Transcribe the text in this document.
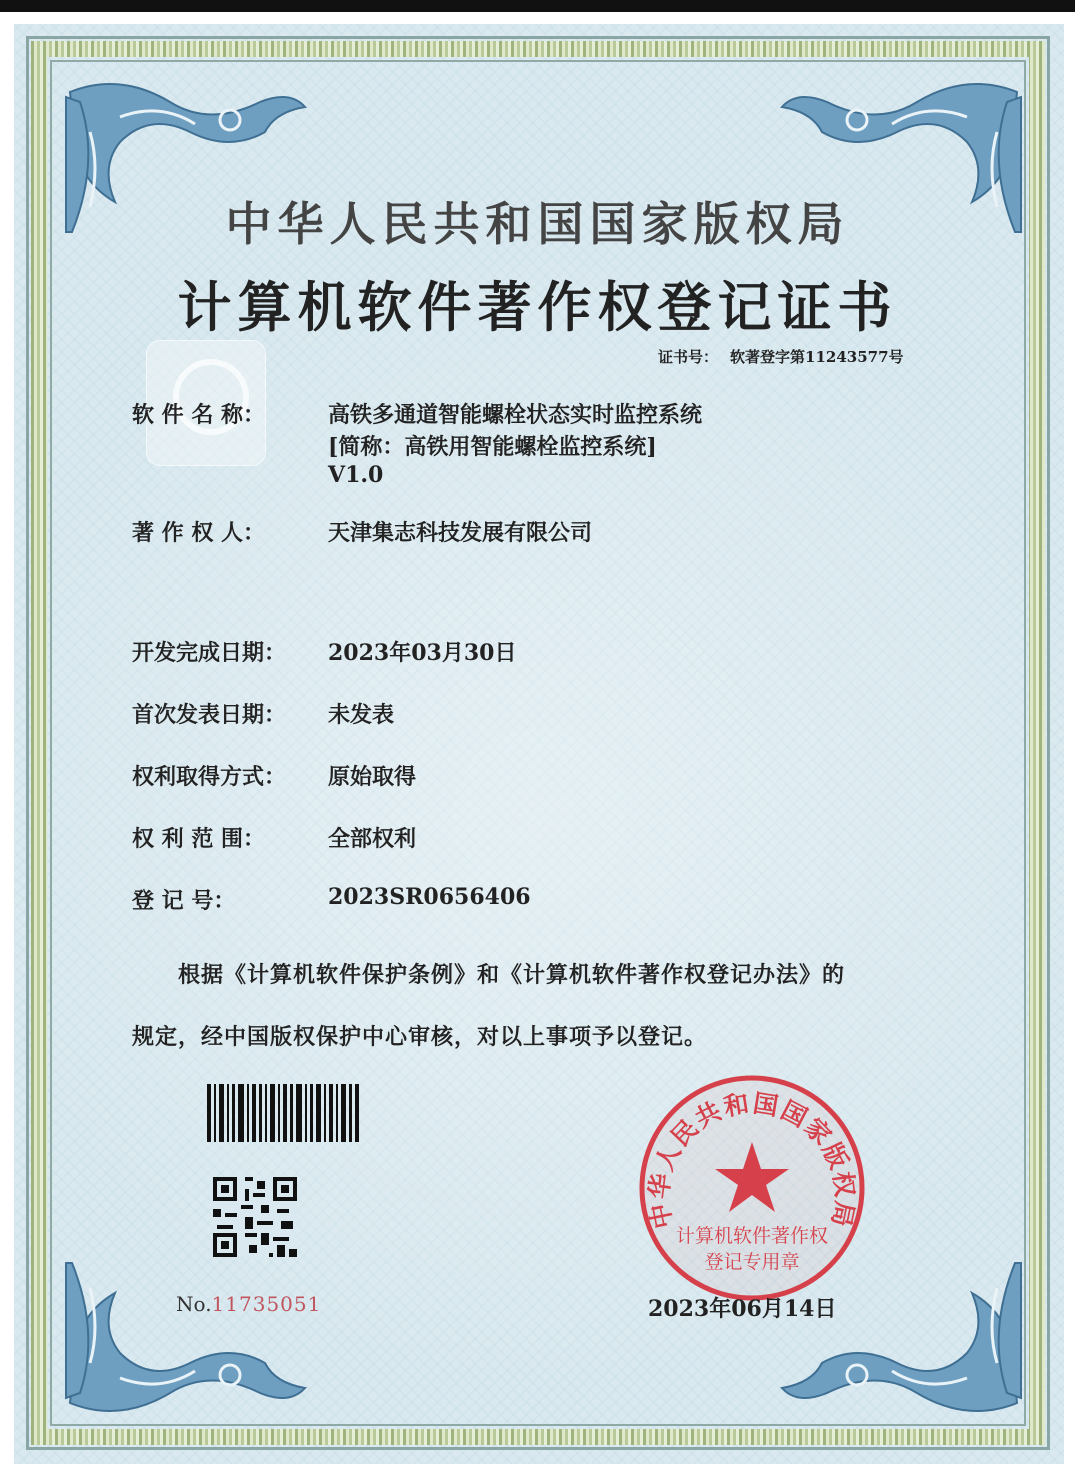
中华人民共和国国家版权局
计算机软件著作权登记证书
证书号： 软著登字第11243577号
软 件 名 称：	高铁多通道智能螺栓状态实时监控系统
[简称：高铁用智能螺栓监控系统]
V1.0
著 作 权 人：	天津集志科技发展有限公司
开发完成日期：	2023年03月30日
首次发表日期：	未发表
权利取得方式：	原始取得
权 利 范 围：	全部权利
登 记 号：	2023SR0656406
根据《计算机软件保护条例》和《计算机软件著作权登记办法》的
规定，经中国版权保护中心审核，对以上事项予以登记。
No.11735051
中华人民共和国国家版权局
计算机软件著作权
登记专用章
2023年06月14日
